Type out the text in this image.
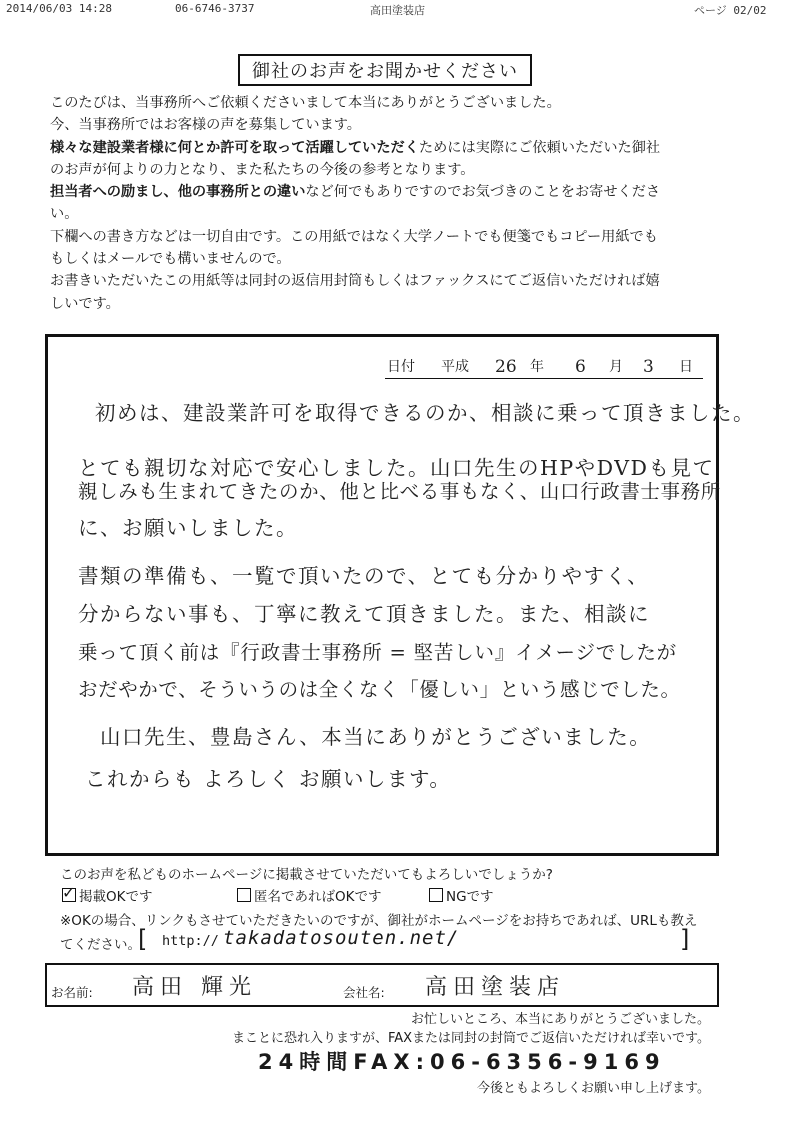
2014/06/03 14:28	06-6746-3737	高田塗装店	ページ 02/02
御社のお声をお聞かせください

このたびは、当事務所へご依頼くださいまして本当にありがとうございました。

今、当事務所ではお客様の声を募集しています。

様々な建設業者様に何とか許可を取って活躍していただくためには実際にご依頼いただいた御社

のお声が何よりの力となり、また私たちの今後の参考となります。

担当者への励まし、他の事務所との違いなど何でもありですのでお気づきのことをお寄せくださ

い。

下欄への書き方などは一切自由です。この用紙ではなく大学ノートでも便箋でもコピー用紙でも

もしくはメールでも構いませんので。

お書きいただいたこの用紙等は同封の返信用封筒もしくはファックスにてご返信いただければ嬉

しいです。

日付 平成 26 年 6 月 3 日
初めは、建設業許可を取得できるのか、相談に乗って頂きました。
とても親切な対応で安心しました。山口先生のHPやDVDも見て
親しみも生まれてきたのか、他と比べる事もなく、山口行政書士事務所
に、お願いしました。
書類の準備も、一覧で頂いたので、とても分かりやすく、
分からない事も、丁寧に教えて頂きました。また、相談に
乗って頂く前は『行政書士事務所 = 堅苦しい』イメージでしたが
おだやかで、そういうのは全くなく「優しい」という感じでした。
山口先生、豊島さん、本当にありがとうございました。
これからも よろしく お願いします。
このお声を私どものホームページに掲載させていただいてもよろしいでしょうか?
✓
掲載OKです	匿名であればOKです	NGです
※OKの場合、リンクもさせていただきたいのですが、御社がホームページをお持ちであれば、URLも教え
てください。
[ http:// takadatosouten.net/	]
お名前: 高田 輝光	会社名: 高田塗装店
お忙しいところ、本当にありがとうございました。
まことに恐れ入りますが、FAXまたは同封の封筒でご返信いただければ幸いです。
24時間FAX:06-6356-9169
今後ともよろしくお願い申し上げます。
